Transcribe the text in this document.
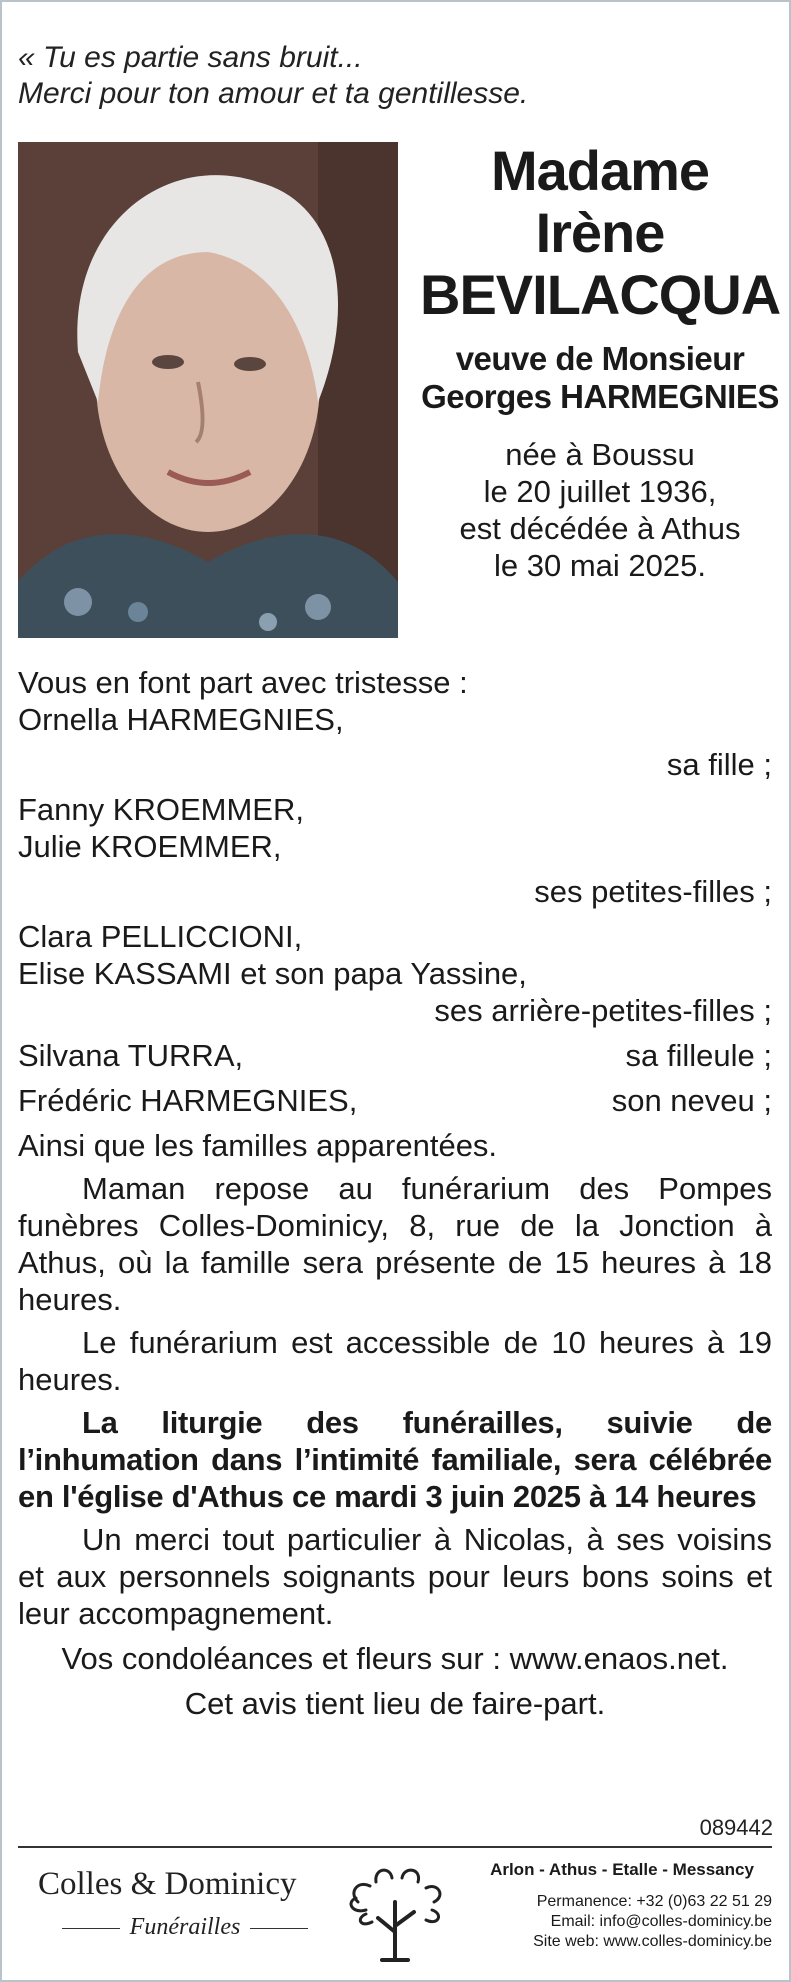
« Tu es partie sans bruit...
Merci pour ton amour et ta gentillesse.
Madame
Irène
BEVILACQUA
veuve de Monsieur
Georges HARMEGNIES
née à Boussu
le 20 juillet 1936,
est décédée à Athus
le 30 mai 2025.
Vous en font part avec tristesse :
Ornella HARMEGNIES,
sa fille ;
Fanny KROEMMER,
Julie KROEMMER,
ses petites-filles ;
Clara PELLICCIONI,
Elise KASSAMI et son papa Yassine,
ses arrière-petites-filles ;
Silvana TURRA,	sa filleule ;
Frédéric HARMEGNIES,	son neveu ;
Ainsi que les familles apparentées.
Maman repose au funérarium des Pompes funèbres Colles-Dominicy, 8, rue de la Jonction à Athus, où la famille sera présente de 15 heures à 18 heures.
Le funérarium est accessible de 10 heures à 19 heures.
La liturgie des funérailles, suivie de l’inhumation dans l’intimité familiale, sera célébrée en l'église d'Athus ce mardi 3 juin 2025 à 14 heures
Un merci tout particulier à Nicolas, à ses voisins et aux personnels soignants pour leurs bons soins et leur accompagnement.
Vos condoléances et fleurs sur : www.enaos.net.
Cet avis tient lieu de faire-part.
089442
Colles & Dominicy
Funérailles
Arlon - Athus - Etalle - Messancy
Permanence: +32 (0)63 22 51 29
Email: info@colles-dominicy.be
Site web: www.colles-dominicy.be
